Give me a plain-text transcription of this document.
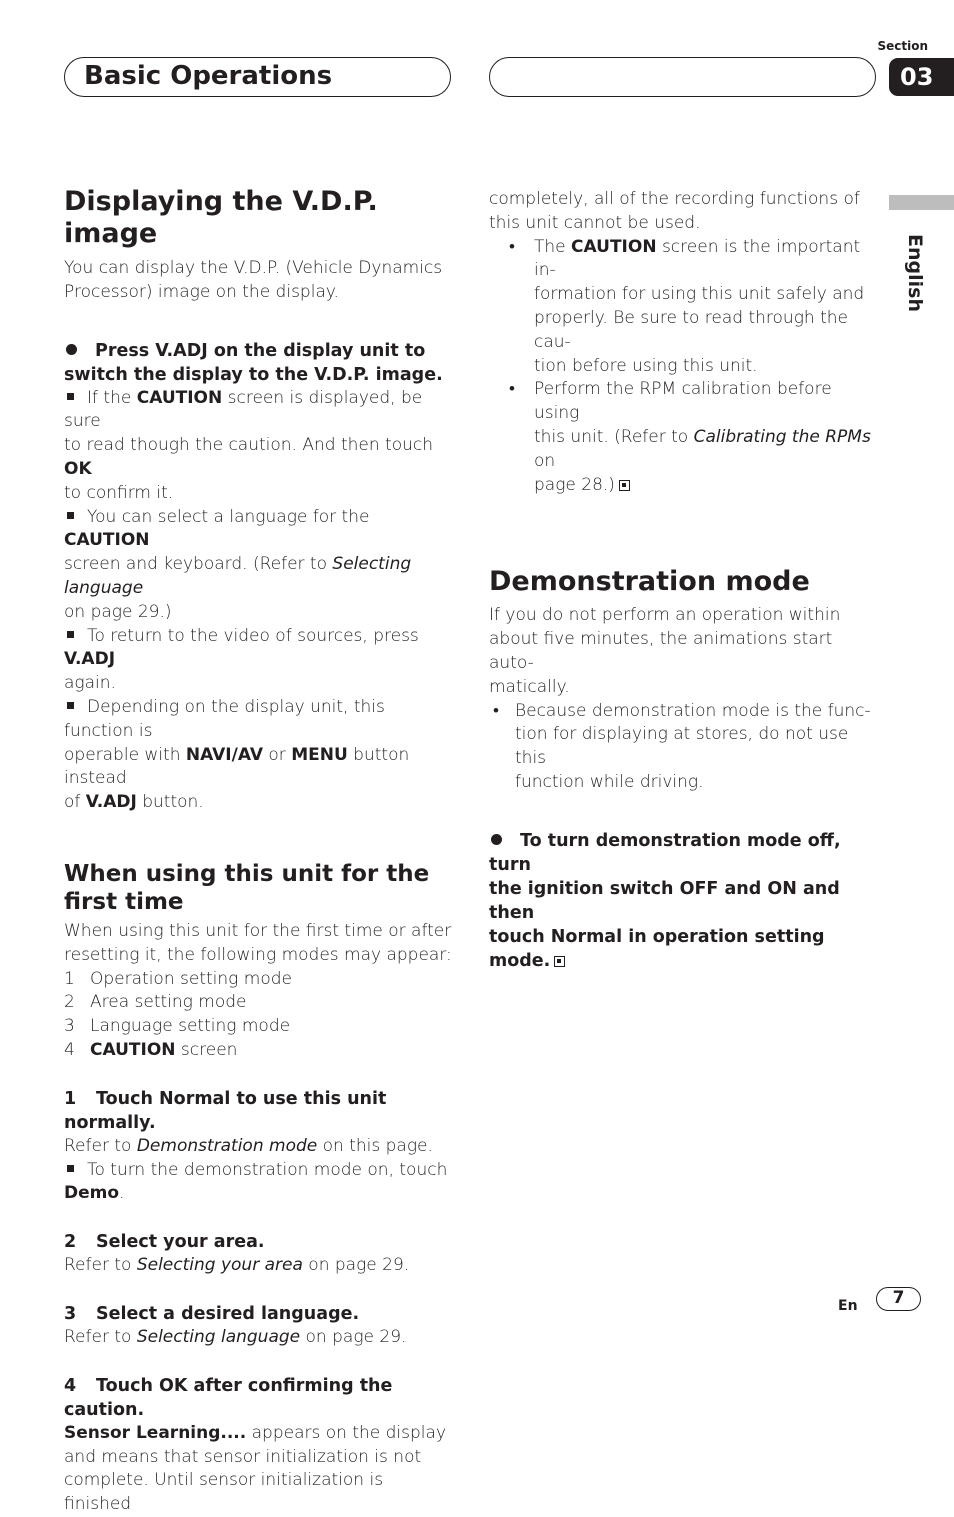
Basic Operations
Section
03
English
Displaying the V.D.P. image

You can display the V.D.P. (Vehicle Dynamics Processor) image on the display.

Press V.ADJ on the display unit to
switch the display to the V.D.P. image.
If the CAUTION screen is displayed, be sure
to read though the caution. And then touch OK
to confirm it.
You can select a language for the CAUTION
screen and keyboard. (Refer to Selecting language
on page 29.)
To return to the video of sources, press V.ADJ
again.
Depending on the display unit, this function is
operable with NAVI/AV or MENU button instead
of V.ADJ button.
When using this unit for the
first time

When using this unit for the first time or after resetting it, the following modes may appear:

1 Operation setting mode
2 Area setting mode
3 Language setting mode
4 CAUTION screen
1 Touch Normal to use this unit normally.
Refer to Demonstration mode on this page.
To turn the demonstration mode on, touch
Demo.
2 Select your area.
Refer to Selecting your area on page 29.
3 Select a desired language.
Refer to Selecting language on page 29.
4 Touch OK after confirming the caution.
Sensor Learning.... appears on the display
and means that sensor initialization is not
complete. Until sensor initialization is finished
completely, all of the recording functions of
this unit cannot be used.
• The CAUTION screen is the important in-
formation for using this unit safely and
properly. Be sure to read through the cau-
tion before using this unit.
• Perform the RPM calibration before using
this unit. (Refer to Calibrating the RPMs on
page 28.)
Demonstration mode
If you do not perform an operation within
about five minutes, the animations start auto-
matically.
• Because demonstration mode is the func-
tion for displaying at stores, do not use this
function while driving.
To turn demonstration mode off, turn
the ignition switch OFF and ON and then
touch Normal in operation setting mode.
En	7
